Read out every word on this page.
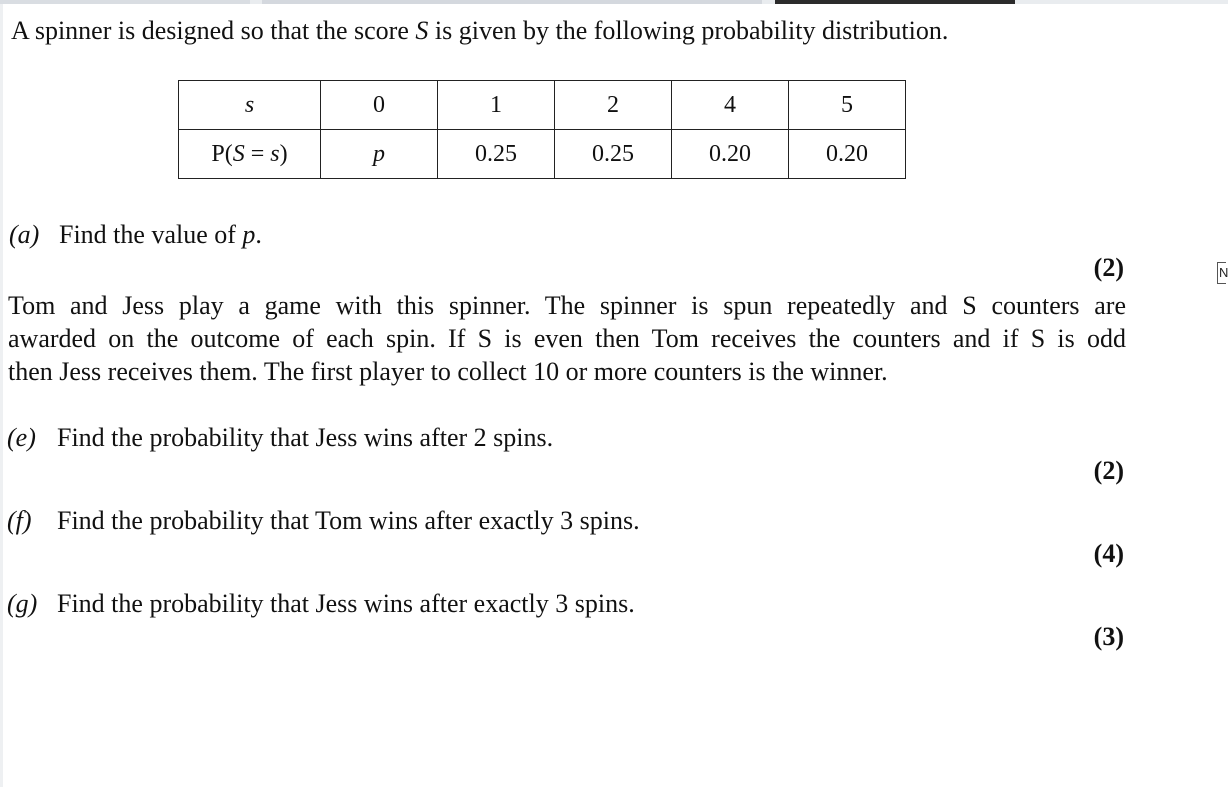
A spinner is designed so that the score S is given by the following probability distribution.
s	0	1	2	4	5
P(S = s)	p	0.25	0.25	0.20	0.20
(a) Find the value of p.
(2)	N
Tom and Jess play a game with this spinner. The spinner is spun repeatedly and S counters are
awarded on the outcome of each spin. If S is even then Tom receives the counters and if S is odd
then Jess receives them. The first player to collect 10 or more counters is the winner.
(e) Find the probability that Jess wins after 2 spins.
(2)
(f) Find the probability that Tom wins after exactly 3 spins.
(4)
(g) Find the probability that Jess wins after exactly 3 spins.
(3)
